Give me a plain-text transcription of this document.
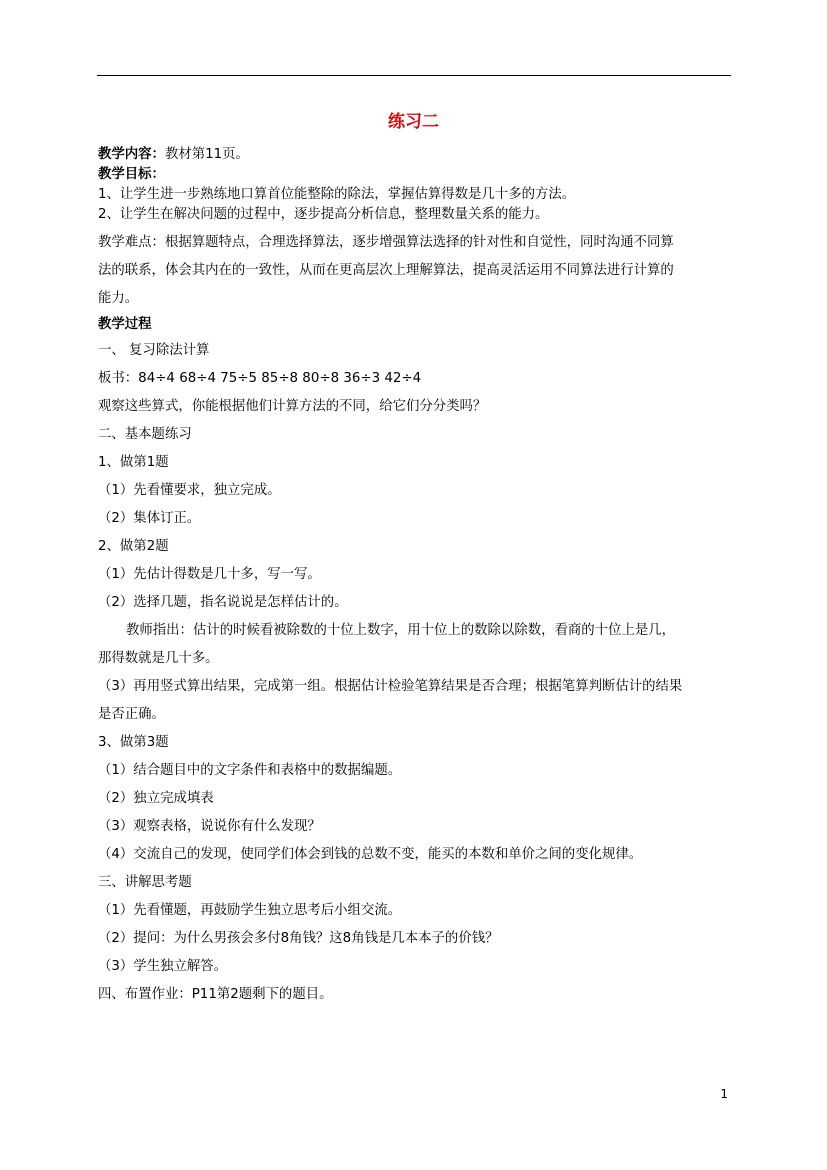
练习二
教学内容：教材第11页。
教学目标：
1、让学生进一步熟练地口算首位能整除的除法，掌握估算得数是几十多的方法。
2、让学生在解决问题的过程中，逐步提高分析信息，整理数量关系的能力。
教学难点：根据算题特点，合理选择算法，逐步增强算法选择的针对性和自觉性，同时沟通不同算
法的联系，体会其内在的一致性，从而在更高层次上理解算法，提高灵活运用不同算法进行计算的
能力。
教学过程
一、 复习除法计算
板书：84÷4 68÷4 75÷5 85÷8 80÷8 36÷3 42÷4
观察这些算式，你能根据他们计算方法的不同，给它们分分类吗？
二、基本题练习
1、做第1题
（1）先看懂要求，独立完成。
（2）集体订正。
2、做第2题
（1）先估计得数是几十多，写一写。
（2）选择几题，指名说说是怎样估计的。
教师指出：估计的时候看被除数的十位上数字，用十位上的数除以除数，看商的十位上是几，
那得数就是几十多。
（3）再用竖式算出结果，完成第一组。根据估计检验笔算结果是否合理；根据笔算判断估计的结果
是否正确。
3、做第3题
（1）结合题目中的文字条件和表格中的数据编题。
（2）独立完成填表
（3）观察表格，说说你有什么发现？
（4）交流自己的发现，使同学们体会到钱的总数不变，能买的本数和单价之间的变化规律。
三、讲解思考题
（1）先看懂题，再鼓励学生独立思考后小组交流。
（2）提问：为什么男孩会多付8角钱？这8角钱是几本本子的价钱？
（3）学生独立解答。
四、布置作业：P11第2题剩下的题目。
1
